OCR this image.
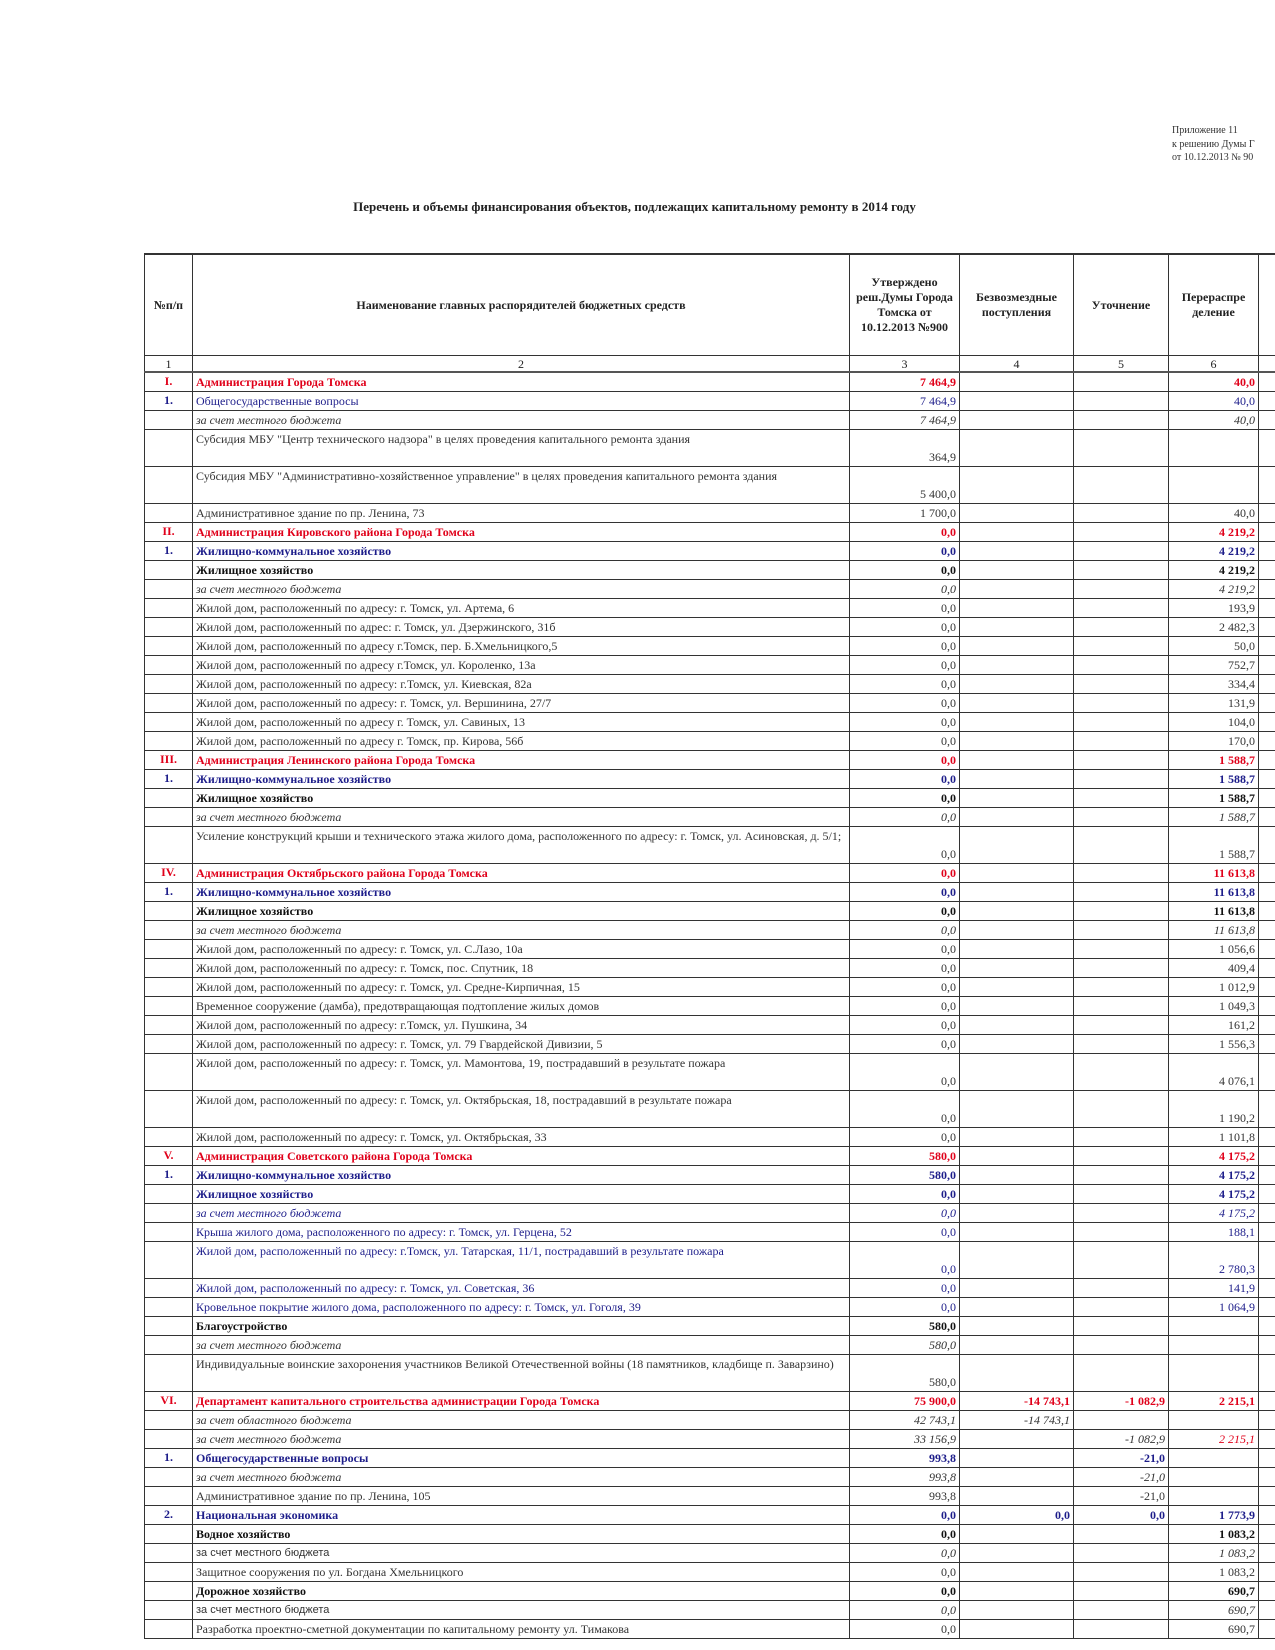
Приложение 11
к решению Думы Г
от 10.12.2013 № 90
Перечень и объемы финансирования объектов, подлежащих капитальному ремонту в 2014 году
№п/п	Наименование главных распорядителей бюджетных средств	Утверждено реш.Думы Города Томска от 10.12.2013 №900	Безвозмездные поступления	Уточнение	Перераспре деление	
1	2	3	4	5	6	
I.	Администрация Города Томска	7 464,9			40,0	
1.	Общегосударственные вопросы	7 464,9			40,0	
	за счет местного бюджета	7 464,9			40,0	
	Субсидия МБУ "Центр технического надзора" в целях проведения капитального ремонта здания	364,9				
	Субсидия МБУ "Административно-хозяйственное управление" в целях проведения капитального ремонта здания	5 400,0				
	Административное здание по пр. Ленина, 73	1 700,0			40,0	
II.	Администрация Кировского района Города Томска	0,0			4 219,2	
1.	Жилищно-коммунальное хозяйство	0,0			4 219,2	
	Жилищное хозяйство	0,0			4 219,2	
	за счет местного бюджета	0,0			4 219,2	
	Жилой дом, расположенный по адресу: г. Томск, ул. Артема, 6	0,0			193,9	
	Жилой дом, расположенный по адрес: г. Томск, ул. Дзержинского, 31б	0,0			2 482,3	
	Жилой дом, расположенный по адресу г.Томск, пер. Б.Хмельницкого,5	0,0			50,0	
	Жилой дом, расположенный по адресу г.Томск, ул. Короленко, 13а	0,0			752,7	
	Жилой дом, расположенный по адресу: г.Томск, ул. Киевская, 82а	0,0			334,4	
	Жилой дом, расположенный по адресу: г. Томск, ул. Вершинина, 27/7	0,0			131,9	
	Жилой дом, расположенный по адресу г. Томск, ул. Савиных, 13	0,0			104,0	
	Жилой дом, расположенный по адресу г. Томск, пр. Кирова, 56б	0,0			170,0	
III.	Администрация Ленинского района Города Томска	0,0			1 588,7	
1.	Жилищно-коммунальное хозяйство	0,0			1 588,7	
	Жилищное хозяйство	0,0			1 588,7	
	за счет местного бюджета	0,0			1 588,7	
	Усиление конструкций крыши и технического этажа жилого дома, расположенного по адресу: г. Томск, ул. Асиновская, д. 5/1;	0,0			1 588,7	
IV.	Администрация Октябрьского района Города Томска	0,0			11 613,8	
1.	Жилищно-коммунальное хозяйство	0,0			11 613,8	
	Жилищное хозяйство	0,0			11 613,8	
	за счет местного бюджета	0,0			11 613,8	
	Жилой дом, расположенный по адресу: г. Томск, ул. С.Лазо, 10а	0,0			1 056,6	
	Жилой дом, расположенный по адресу: г. Томск, пос. Спутник, 18	0,0			409,4	
	Жилой дом, расположенный по адресу: г. Томск, ул. Средне-Кирпичная, 15	0,0			1 012,9	
	Временное сооружение (дамба), предотвращающая подтопление жилых домов	0,0			1 049,3	
	Жилой дом, расположенный по адресу: г.Томск, ул. Пушкина, 34	0,0			161,2	
	Жилой дом, расположенный по адресу: г. Томск, ул. 79 Гвардейской Дивизии, 5	0,0			1 556,3	
	Жилой дом, расположенный по адресу: г. Томск, ул. Мамонтова, 19, пострадавший в результате пожара	0,0			4 076,1	
	Жилой дом, расположенный по адресу: г. Томск, ул. Октябрьская, 18, пострадавший в результате пожара	0,0			1 190,2	
	Жилой дом, расположенный по адресу: г. Томск, ул. Октябрьская, 33	0,0			1 101,8	
V.	Администрация Советского района Города Томска	580,0			4 175,2	
1.	Жилищно-коммунальное хозяйство	580,0			4 175,2	
	Жилищное хозяйство	0,0			4 175,2	
	за счет местного бюджета	0,0			4 175,2	
	Крыша жилого дома, расположенного по адресу: г. Томск, ул. Герцена, 52	0,0			188,1	
	Жилой дом, расположенный по адресу: г.Томск, ул. Татарская, 11/1, пострадавший в результате пожара	0,0			2 780,3	
	Жилой дом, расположенный по адресу: г. Томск, ул. Советская, 36	0,0			141,9	
	Кровельное покрытие жилого дома, расположенного по адресу: г. Томск, ул. Гоголя, 39	0,0			1 064,9	
	Благоустройство	580,0				
	за счет местного бюджета	580,0				
	Индивидуальные воинские захоронения участников Великой Отечественной войны (18 памятников, кладбище п. Заварзино)	580,0				
VI.	Департамент капитального строительства администрации Города Томска	75 900,0	-14 743,1	-1 082,9	2 215,1	
	за счет областного бюджета	42 743,1	-14 743,1			
	за счет местного бюджета	33 156,9		-1 082,9	2 215,1	
1.	Общегосударственные вопросы	993,8		-21,0		
	за счет местного бюджета	993,8		-21,0		
	Административное здание по пр. Ленина, 105	993,8		-21,0		
2.	Национальная экономика	0,0	0,0	0,0	1 773,9	
	Водное хозяйство	0,0			1 083,2	
	за счет местного бюджета	0,0			1 083,2	
	Защитное сооружения по ул. Богдана Хмельницкого	0,0			1 083,2	
	Дорожное хозяйство	0,0			690,7	
	за счет местного бюджета	0,0			690,7	
	Разработка проектно-сметной документации по капитальному ремонту ул. Тимакова	0,0			690,7	
